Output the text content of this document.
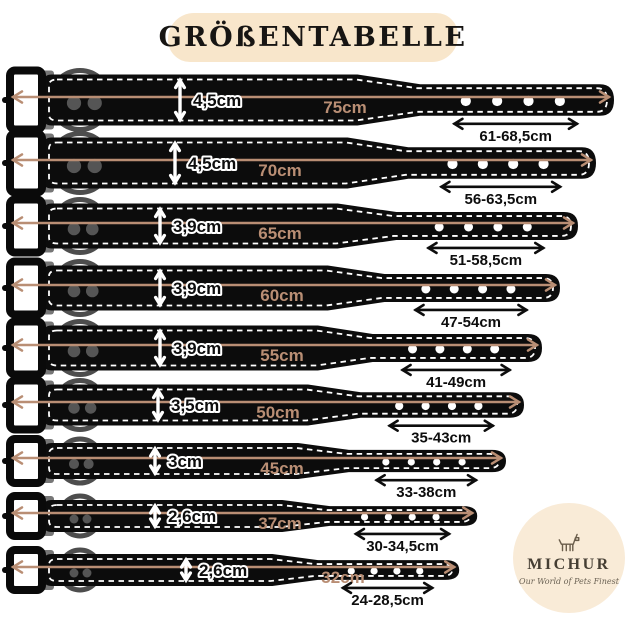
GRÖßENTABELLE
75cm
4,5cm
61-68,5cm
70cm
4,5cm
56-63,5cm
65cm
3,9cm
51-58,5cm
60cm
3,9cm
47-54cm
55cm
3,9cm
41-49cm
50cm
3,5cm
35-43cm
45cm
3cm
33-38cm
37cm
2,6cm
30-34,5cm
32cm
2,6cm
24-28,5cm
MICHUR
Our World of Pets Finest
